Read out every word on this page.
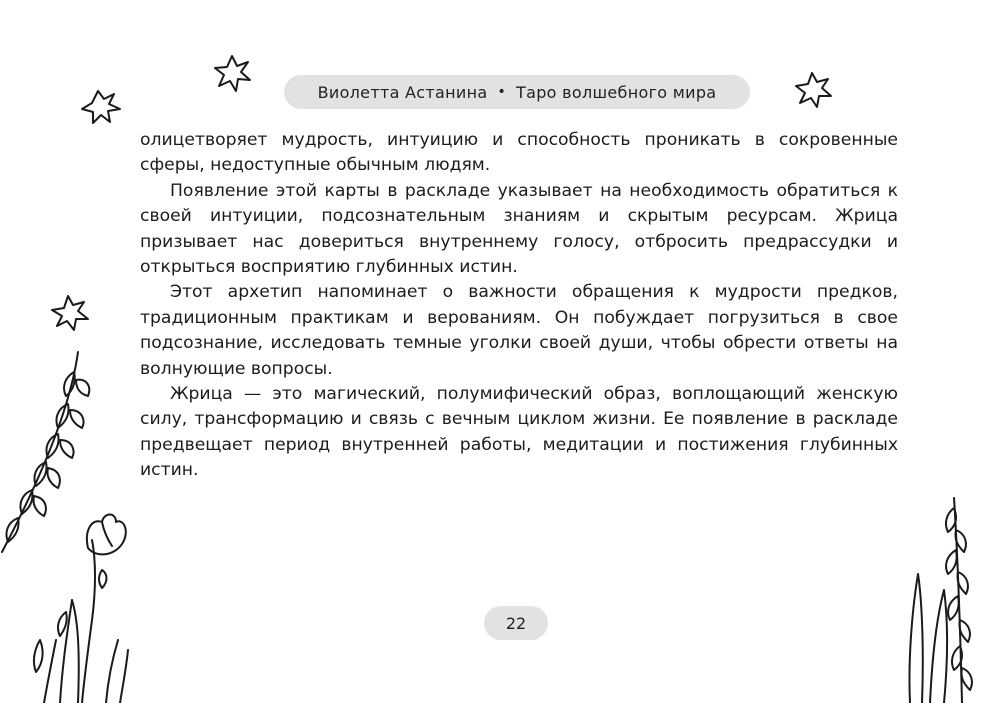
Виолетта Астанина • Таро волшебного мира

олицетворяет мудрость, интуицию и способность проникать в сокровенные сферы, недоступные обычным людям.

Появление этой карты в раскладе указывает на необходимость обратиться к своей интуиции, подсознательным знаниям и скрытым ресурсам. Жрица призывает нас довериться внутреннему голосу, отбросить предрассудки и открыться восприятию глубинных истин.

Этот архетип напоминает о важности обращения к мудрости предков, традиционным практикам и верованиям. Он побуждает погрузиться в свое подсознание, исследовать темные уголки своей души, чтобы обрести ответы на волнующие вопросы.

Жрица — это магический, полумифический образ, воплощающий женскую силу, трансформацию и связь с вечным циклом жизни. Ее появление в раскладе предвещает период внутренней работы, медитации и постижения глубинных истин.

22
